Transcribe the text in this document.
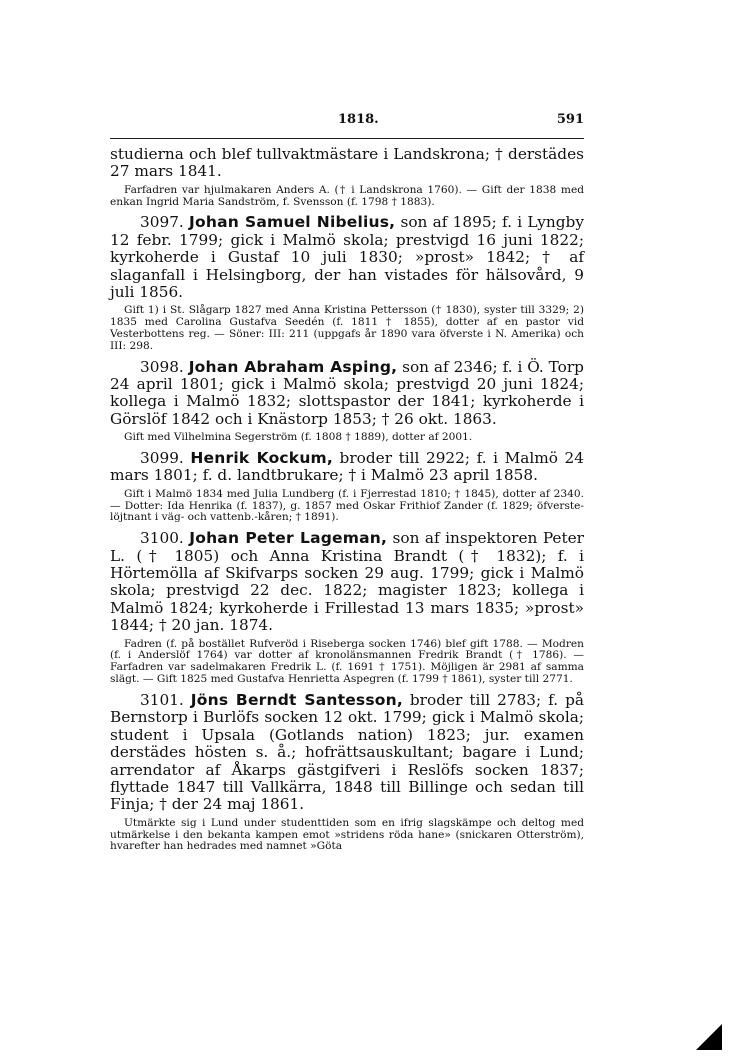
1818.	591

studierna och blef tullvaktmästare i Landskrona; † derstädes 27 mars 1841.

Farfadren var hjulmakaren Anders A. († i Landskrona 1760). — Gift der 1838 med enkan Ingrid Maria Sandström, f. Svensson (f. 1798 † 1883).

3097. Johan Samuel Nibelius, son af 1895; f. i Lyngby 12 febr. 1799; gick i Malmö skola; prestvigd 16 juni 1822; kyrkoherde i Gustaf 10 juli 1830; »prost» 1842; † af slaganfall i Helsingborg, der han vistades för hälsovård, 9 juli 1856.

Gift 1) i St. Slågarp 1827 med Anna Kristina Pettersson († 1830), syster till 3329; 2) 1835 med Carolina Gustafva Seedén (f. 1811 † 1855), dotter af en pastor vid Vesterbottens reg. — Söner: III: 211 (uppgafs år 1890 vara öfverste i N. Amerika) och III: 298.

3098. Johan Abraham Asping, son af 2346; f. i Ö. Torp 24 april 1801; gick i Malmö skola; prestvigd 20 juni 1824; kollega i Malmö 1832; slottspastor der 1841; kyrkoherde i Görslöf 1842 och i Knästorp 1853; † 26 okt. 1863.

Gift med Vilhelmina Segerström (f. 1808 † 1889), dotter af 2001.

3099. Henrik Kockum, broder till 2922; f. i Malmö 24 mars 1801; f. d. landtbrukare; † i Malmö 23 april 1858.

Gift i Malmö 1834 med Julia Lundberg (f. i Fjerrestad 1810; † 1845), dotter af 2340. — Dotter: Ida Henrika (f. 1837), g. 1857 med Oskar Frithiof Zander (f. 1829; öfverste-löjtnant i väg- och vattenb.-kåren; † 1891).

3100. Johan Peter Lageman, son af inspektoren Peter L. († 1805) och Anna Kristina Brandt († 1832); f. i Hörtemölla af Skifvarps socken 29 aug. 1799; gick i Malmö skola; prestvigd 22 dec. 1822; magister 1823; kollega i Malmö 1824; kyrkoherde i Frillestad 13 mars 1835; »prost» 1844; † 20 jan. 1874.

Fadren (f. på bostället Rufveröd i Riseberga socken 1746) blef gift 1788. — Modren (f. i Anderslöf 1764) var dotter af kronolänsmannen Fredrik Brandt († 1786). — Farfadren var sadelmakaren Fredrik L. (f. 1691 † 1751). Möjligen är 2981 af samma slägt. — Gift 1825 med Gustafva Henrietta Aspegren (f. 1799 † 1861), syster till 2771.

3101. Jöns Berndt Santesson, broder till 2783; f. på Bernstorp i Burlöfs socken 12 okt. 1799; gick i Malmö skola; student i Upsala (Gotlands nation) 1823; jur. examen derstädes hösten s. å.; hofrättsauskultant; bagare i Lund; arrendator af Åkarps gästgifveri i Reslöfs socken 1837; flyttade 1847 till Vallkärra, 1848 till Billinge och sedan till Finja; † der 24 maj 1861.

Utmärkte sig i Lund under studenttiden som en ifrig slagskämpe och deltog med utmärkelse i den bekanta kampen emot »stridens röda hane» (snickaren Otterström), hvarefter han hedrades med namnet »Göta
